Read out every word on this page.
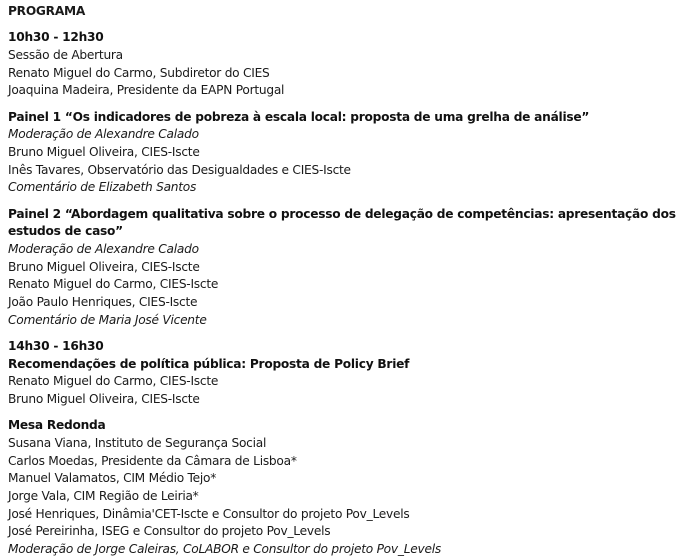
PROGRAMA
10h30 - 12h30
Sessão de Abertura
Renato Miguel do Carmo, Subdiretor do CIES
Joaquina Madeira, Presidente da EAPN Portugal
Painel 1 “Os indicadores de pobreza à escala local: proposta de uma grelha de análise”
Moderação de Alexandre Calado
Bruno Miguel Oliveira, CIES-Iscte
Inês Tavares, Observatório das Desigualdades e CIES-Iscte
Comentário de Elizabeth Santos
Painel 2 “Abordagem qualitativa sobre o processo de delegação de competências: apresentação dos estudos de caso”
Moderação de Alexandre Calado
Bruno Miguel Oliveira, CIES-Iscte
Renato Miguel do Carmo, CIES-Iscte
João Paulo Henriques, CIES-Iscte
Comentário de Maria José Vicente
14h30 - 16h30
Recomendações de política pública: Proposta de Policy Brief
Renato Miguel do Carmo, CIES-Iscte
Bruno Miguel Oliveira, CIES-Iscte
Mesa Redonda
Susana Viana, Instituto de Segurança Social
Carlos Moedas, Presidente da Câmara de Lisboa*
Manuel Valamatos, CIM Médio Tejo*
Jorge Vala, CIM Região de Leiria*
José Henriques, Dinâmia'CET-Iscte e Consultor do projeto Pov_Levels
José Pereirinha, ISEG e Consultor do projeto Pov_Levels
Moderação de Jorge Caleiras, CoLABOR e Consultor do projeto Pov_Levels
